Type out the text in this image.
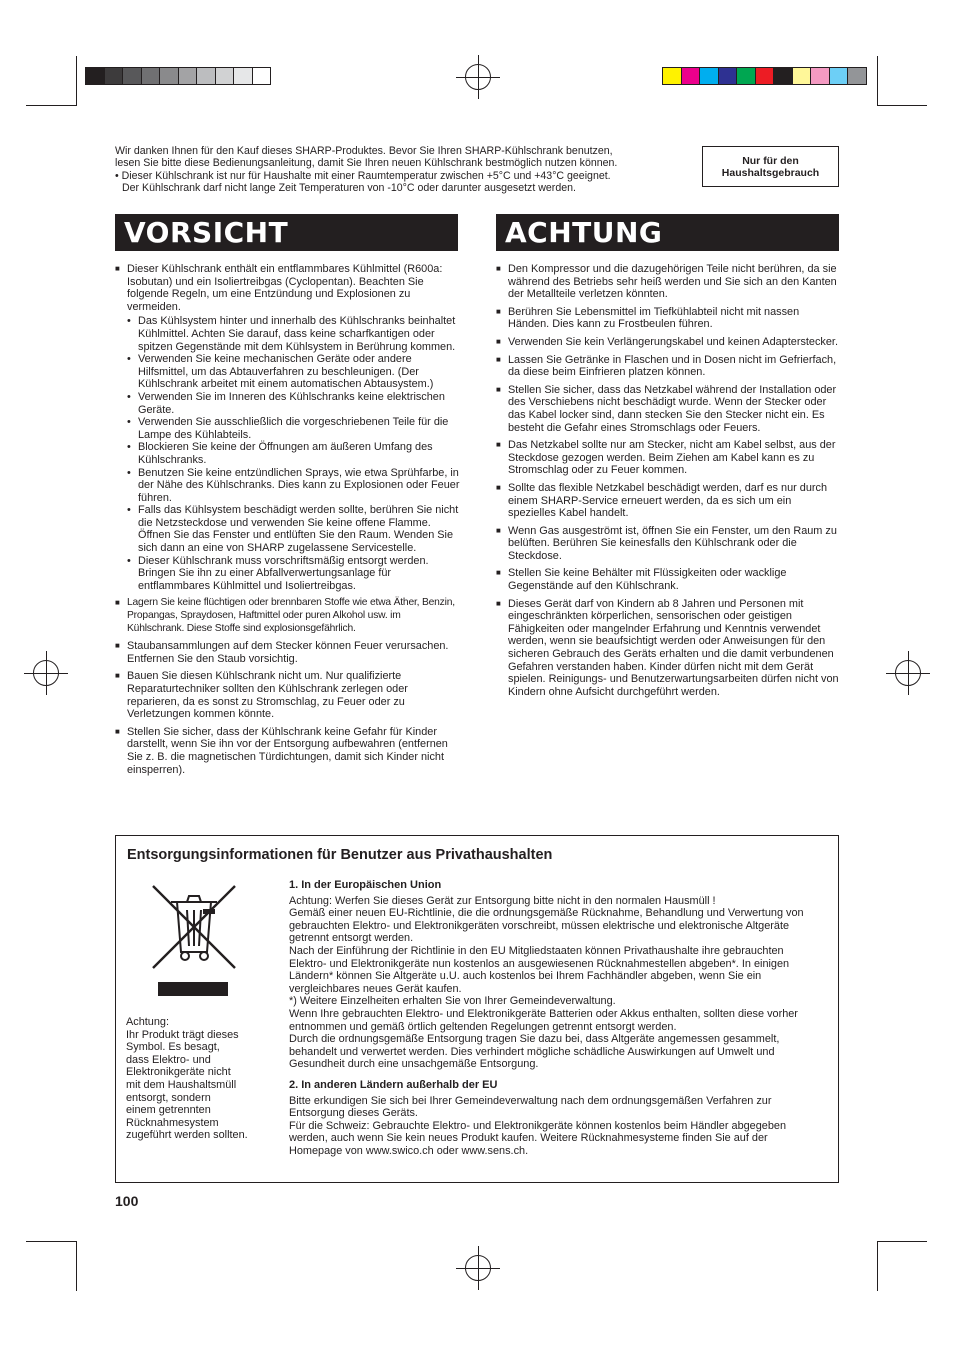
Wir danken Ihnen für den Kauf dieses SHARP-Produktes. Bevor Sie Ihren SHARP-Kühlschrank benutzen,

lesen Sie bitte diese Bedienungsanleitung, damit Sie Ihren neuen Kühlschrank bestmöglich nutzen können.

• Dieser Kühlschrank ist nur für Haushalte mit einer Raumtemperatur zwischen +5°C und +43°C geeignet.

Der Kühlschrank darf nicht lange Zeit Temperaturen von -10°C oder darunter ausgesetzt werden.

Nur für den
Haushaltsgebrauch
VORSICHT	ACHTUNG
■ Dieser Kühlschrank enthält ein entflammbares Kühlmittel (R600a: Isobutan) und ein Isoliertreibgas (Cyclopentan). Beachten Sie folgende Regeln, um eine Entzündung und Explosionen zu vermeiden.
• Das Kühlsystem hinter und innerhalb des Kühlschranks beinhaltet Kühlmittel. Achten Sie darauf, dass keine scharfkantigen oder spitzen Gegenstände mit dem Kühlsystem in Berührung kommen.
• Verwenden Sie keine mechanischen Geräte oder andere Hilfsmittel, um das Abtauverfahren zu beschleunigen. (Der Kühlschrank arbeitet mit einem automatischen Abtausystem.)
• Verwenden Sie im Inneren des Kühlschranks keine elektrischen Geräte.
• Verwenden Sie ausschließlich die vorgeschriebenen Teile für die Lampe des Kühlabteils.
• Blockieren Sie keine der Öffnungen am äußeren Umfang des Kühlschranks.
• Benutzen Sie keine entzündlichen Sprays, wie etwa Sprühfarbe, in der Nähe des Kühlschranks. Dies kann zu Explosionen oder Feuer führen.
• Falls das Kühlsystem beschädigt werden sollte, berühren Sie nicht die Netzsteckdose und verwenden Sie keine offene Flamme. Öffnen Sie das Fenster und entlüften Sie den Raum. Wenden Sie sich dann an eine von SHARP zugelassene Servicestelle.
• Dieser Kühlschrank muss vorschriftsmäßig entsorgt werden. Bringen Sie ihn zu einer Abfallverwertungsanlage für entflammbares Kühlmittel und Isoliertreibgas.
■ Lagern Sie keine flüchtigen oder brennbaren Stoffe wie etwa Äther, Benzin, Propangas, Spraydosen, Haftmittel oder puren Alkohol usw. im Kühlschrank. Diese Stoffe sind explosionsgefährlich.
■ Staubansammlungen auf dem Stecker können Feuer verursachen. Entfernen Sie den Staub vorsichtig.
■ Bauen Sie diesen Kühlschrank nicht um. Nur qualifizierte Reparaturtechniker sollten den Kühlschrank zerlegen oder reparieren, da es sonst zu Stromschlag, zu Feuer oder zu Verletzungen kommen könnte.
■ Stellen Sie sicher, dass der Kühlschrank keine Gefahr für Kinder darstellt, wenn Sie ihn vor der Entsorgung aufbewahren (entfernen Sie z. B. die magnetischen Türdichtungen, damit sich Kinder nicht einsperren).
■ Den Kompressor und die dazugehörigen Teile nicht berühren, da sie während des Betriebs sehr heiß werden und Sie sich an den Kanten der Metallteile verletzen könnten.
■ Berühren Sie Lebensmittel im Tiefkühlabteil nicht mit nassen Händen. Dies kann zu Frostbeulen führen.
■ Verwenden Sie kein Verlängerungskabel und keinen Adapterstecker.
■ Lassen Sie Getränke in Flaschen und in Dosen nicht im Gefrierfach, da diese beim Einfrieren platzen können.
■ Stellen Sie sicher, dass das Netzkabel während der Installation oder des Verschiebens nicht beschädigt wurde. Wenn der Stecker oder das Kabel locker sind, dann stecken Sie den Stecker nicht ein. Es besteht die Gefahr eines Stromschlags oder Feuers.
■ Das Netzkabel sollte nur am Stecker, nicht am Kabel selbst, aus der Steckdose gezogen werden. Beim Ziehen am Kabel kann es zu Stromschlag oder zu Feuer kommen.
■ Sollte das flexible Netzkabel beschädigt werden, darf es nur durch einem SHARP-Service erneuert werden, da es sich um ein spezielles Kabel handelt.
■ Wenn Gas ausgeströmt ist, öffnen Sie ein Fenster, um den Raum zu belüften. Berühren Sie keinesfalls den Kühlschrank oder die Steckdose.
■ Stellen Sie keine Behälter mit Flüssigkeiten oder wacklige Gegenstände auf den Kühlschrank.
■ Dieses Gerät darf von Kindern ab 8 Jahren und Personen mit eingeschränkten körperlichen, sensorischen oder geistigen Fähigkeiten oder mangelnder Erfahrung und Kenntnis verwendet werden, wenn sie beaufsichtigt werden oder Anweisungen für den sicheren Gebrauch des Geräts erhalten und die damit verbundenen Gefahren verstanden haben. Kinder dürfen nicht mit dem Gerät spielen. Reinigungs- und Benutzerwartungsarbeiten dürfen nicht von Kindern ohne Aufsicht durchgeführt werden.
Entsorgungsinformationen für Benutzer aus Privathaushalten
Achtung:
Ihr Produkt trägt dieses
Symbol. Es besagt,
dass Elektro- und
Elektronikgeräte nicht
mit dem Haushaltsmüll
entsorgt, sondern
einem getrennten
Rücknahmesystem
zugeführt werden sollten.
1. In der Europäischen Union

Achtung: Werfen Sie dieses Gerät zur Entsorgung bitte nicht in den normalen Hausmüll !

Gemäß einer neuen EU-Richtlinie, die die ordnungsgemäße Rücknahme, Behandlung und Verwertung von gebrauchten Elektro- und Elektronikgeräten vorschreibt, müssen elektrische und elektronische Altgeräte getrennt entsorgt werden.

Nach der Einführung der Richtlinie in den EU Mitgliedstaaten können Privathaushalte ihre gebrauchten Elektro- und Elektronikgeräte nun kostenlos an ausgewiesenen Rücknahmestellen abgeben*. In einigen Ländern* können Sie Altgeräte u.U. auch kostenlos bei Ihrem Fachhändler abgeben, wenn Sie ein vergleichbares neues Gerät kaufen.

*) Weitere Einzelheiten erhalten Sie von Ihrer Gemeindeverwaltung.

Wenn Ihre gebrauchten Elektro- und Elektronikgeräte Batterien oder Akkus enthalten, sollten diese vorher entnommen und gemäß örtlich geltenden Regelungen getrennt entsorgt werden.

Durch die ordnungsgemäße Entsorgung tragen Sie dazu bei, dass Altgeräte angemessen gesammelt, behandelt und verwertet werden. Dies verhindert mögliche schädliche Auswirkungen auf Umwelt und Gesundheit durch eine unsachgemäße Entsorgung.

2. In anderen Ländern außerhalb der EU

Bitte erkundigen Sie sich bei Ihrer Gemeindeverwaltung nach dem ordnungsgemäßen Verfahren zur Entsorgung dieses Geräts.

Für die Schweiz: Gebrauchte Elektro- und Elektronikgeräte können kostenlos beim Händler abgegeben werden, auch wenn Sie kein neues Produkt kaufen. Weitere Rücknahmesysteme finden Sie auf der Homepage von www.swico.ch oder www.sens.ch.

100
